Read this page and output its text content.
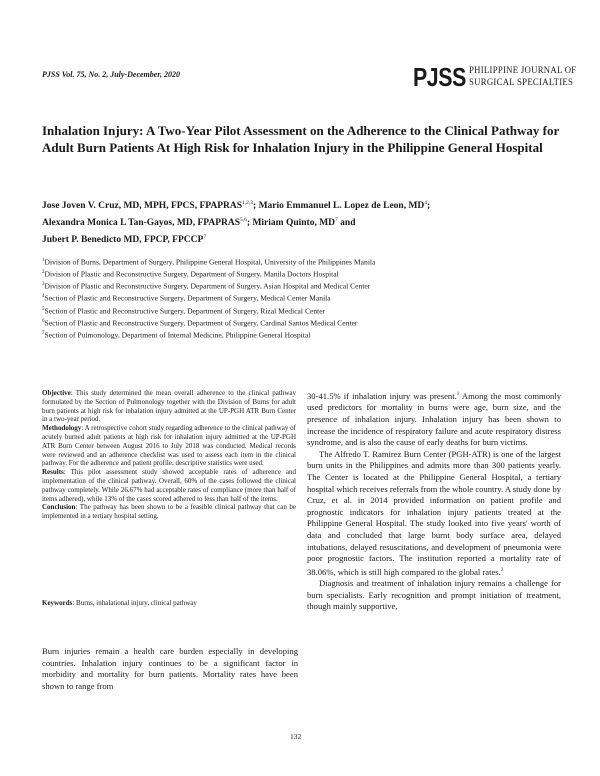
PJSS Vol. 75, No. 2, July-December, 2020	PJSS PHILIPPINE JOURNAL OF
SURGICAL SPECIALTIES
Inhalation Injury: A Two-Year Pilot Assessment on the Adherence to the Clinical Pathway for Adult Burn Patients At High Risk for Inhalation Injury in the Philippine General Hospital
Jose Joven V. Cruz, MD, MPH, FPCS, FPAPRAS$^{1,2,3}$; Mario Emmanuel L. Lopez de Leon, $MD^4$;
Alexandra Monica L Tan-Gayos, MD, FPAPRAS$^{5,6}$; Miriam Quinto, $MD^7$ and
Jubert P. Benedicto MD, FPCP, FPCCP$^7$
$^1$Division of Burns, Department of Surgery, Philippine General Hospital, University of the Philippines Manila
$^2$Division of Plastic and Reconstructive Surgery, Department of Surgery, Manila Doctors Hospital
$^3$Division of Plastic and Reconstructive Surgery, Department of Surgery, Asian Hospital and Medical Center
$^4$Section of Plastic and Reconstructive Surgery, Department of Surgery, Medical Center Manila
$^5$Section of Plastic and Reconstructive Surgery, Department of Surgery, Rizal Medical Center
$^6$Section of Plastic and Reconstructive Surgery, Department of Surgery, Cardinal Santos Medical Center
$^7$Section of Pulmonology, Department of Internal Medicine, Philippine General Hospital

Objective: This study determined the mean overall adherence to the clinical pathway formulated by the Section of Pulmonology together with the Division of Burns for adult burn patients at high risk for inhalation injury admitted at the UP-PGH ATR Burn Center in a two-year period.

Methodology: A retrospective cohort study regarding adherence to the clinical pathway of acutely burned adult patients at high risk for inhalation injury admitted at the UP-PGH ATR Burn Center between August 2016 to July 2018 was conducted. Medical records were reviewed and an adherence checklist was used to assess each item in the clinical pathway. For the adherence and patient profile, descriptive statistics were used.

Results: This pilot assessment study showed acceptable rates of adherence and implementation of the clinical pathway. Overall, 60% of the cases followed the clinical pathway completely. While 26.67% had acceptable rates of compliance (more than half of items adhered), while 13% of the cases scored adhered to less than half of the items.

Conclusion: The pathway has been shown to be a feasible clinical pathway that can be implemented in a tertiary hospital setting.

Keywords: Burns, inhalational injury, clinical pathway

Burn injuries remain a health care burden especially in developing countries. Inhalation injury continues to be a significant factor in morbidity and mortality for burn patients. Mortality rates have been shown to range from

30-41.5% if inhalation injury was present.$^1$ Among the most commonly used predictors for mortality in burns were age, burn size, and the presence of inhalation injury. Inhalation injury has been shown to increase the incidence of respiratory failure and acute respiratory distress syndrome, and is also the cause of early deaths for burn victims.

The Alfredo T. Ramirez Burn Center (PGH-ATR) is one of the largest burn units in the Philippines and admits more than 300 patients yearly. The Center is located at the Philippine General Hospital, a tertiary hospital which receives referrals from the whole country. A study done by Cruz, et al. in 2014 provided information on patient profile and prognostic indicators for inhalation injury patients treated at the Philippine General Hospital. The study looked into five years' worth of data and concluded that large burnt body surface area, delayed intubations, delayed resuscitations, and development of pneumonia were poor prognostic factors. The institution reported a mortality rate of 38.06%, which is still high compared to the global rates.$^2$

Diagnosis and treatment of inhalation injury remains a challenge for burn specialists. Early recognition and prompt initiation of treatment, though mainly supportive,

132
